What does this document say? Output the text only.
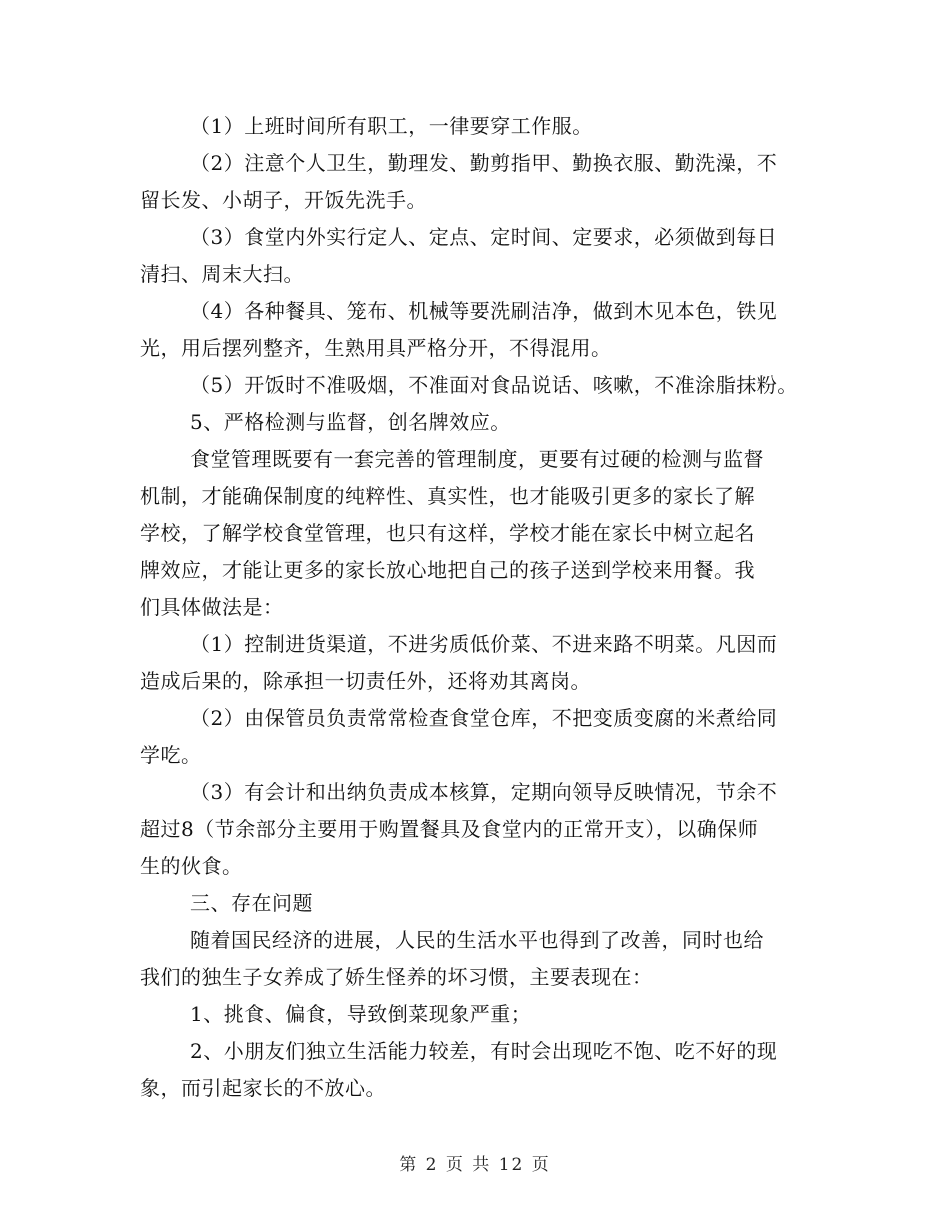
（1）上班时间所有职工，一律要穿工作服。
（2）注意个人卫生，勤理发、勤剪指甲、勤换衣服、勤洗澡，不
留长发、小胡子，开饭先洗手。
（3）食堂内外实行定人、定点、定时间、定要求，必须做到每日
清扫、周末大扫。
（4）各种餐具、笼布、机械等要洗刷洁净，做到木见本色，铁见
光，用后摆列整齐，生熟用具严格分开，不得混用。
（5）开饭时不准吸烟，不准面对食品说话、咳嗽，不准涂脂抹粉。
5、严格检测与监督，创名牌效应。
食堂管理既要有一套完善的管理制度，更要有过硬的检测与监督
机制，才能确保制度的纯粹性、真实性，也才能吸引更多的家长了解
学校，了解学校食堂管理，也只有这样，学校才能在家长中树立起名
牌效应，才能让更多的家长放心地把自己的孩子送到学校来用餐。我
们具体做法是：
（1）控制进货渠道，不进劣质低价菜、不进来路不明菜。凡因而
造成后果的，除承担一切责任外，还将劝其离岗。
（2）由保管员负责常常检查食堂仓库，不把变质变腐的米煮给同
学吃。
（3）有会计和出纳负责成本核算，定期向领导反映情况，节余不
超过8（节余部分主要用于购置餐具及食堂内的正常开支），以确保师
生的伙食。
三、存在问题
随着国民经济的进展，人民的生活水平也得到了改善，同时也给
我们的独生子女养成了娇生怪养的坏习惯，主要表现在：
1、挑食、偏食，导致倒菜现象严重；
2、小朋友们独立生活能力较差，有时会出现吃不饱、吃不好的现
象，而引起家长的不放心。
第 2 页 共 12 页
